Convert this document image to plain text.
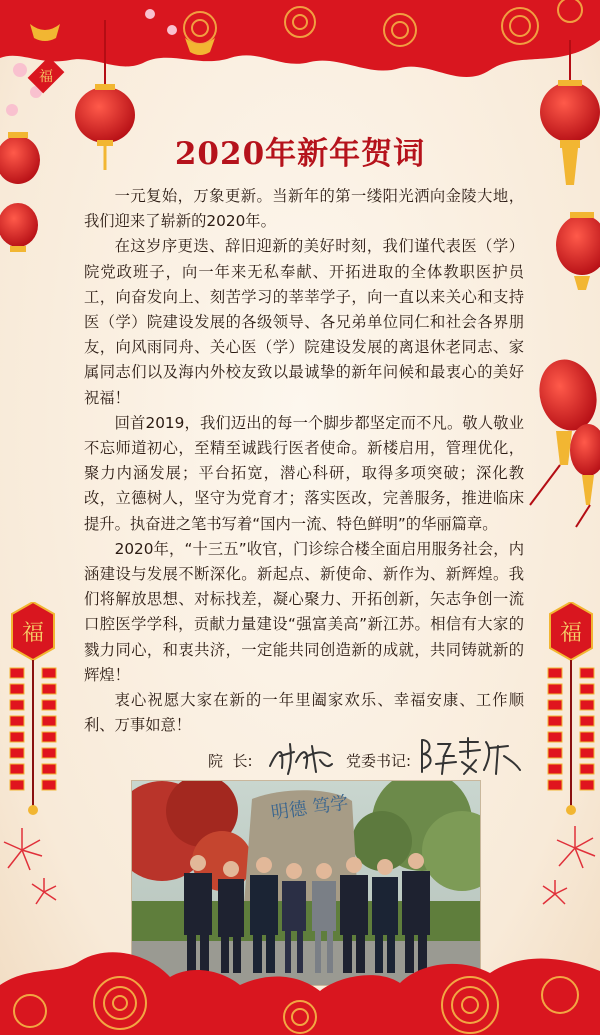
福
福	福
2020年新年贺词

一元复始，万象更新。当新年的第一缕阳光洒向金陵大地，我们迎来了崭新的2020年。

在这岁序更迭、辞旧迎新的美好时刻，我们谨代表医（学）院党政班子，向一年来无私奉献、开拓进取的全体教职医护员工，向奋发向上、刻苦学习的莘莘学子，向一直以来关心和支持医（学）院建设发展的各级领导、各兄弟单位同仁和社会各界朋友，向风雨同舟、关心医（学）院建设发展的离退休老同志、家属同志们以及海内外校友致以最诚挚的新年问候和最衷心的美好祝福！

回首2019，我们迈出的每一个脚步都坚定而不凡。敬人敬业不忘师道初心，至精至诚践行医者使命。新楼启用，管理优化，聚力内涵发展；平台拓宽，潜心科研，取得多项突破；深化教改，立德树人，坚守为党育才；落实医改，完善服务，推进临床提升。执奋进之笔书写着“国内一流、特色鲜明”的华丽篇章。

2020年，“十三五”收官，门诊综合楼全面启用服务社会，内涵建设与发展不断深化。新起点、新使命、新作为、新辉煌。我们将解放思想、对标找差，凝心聚力、开拓创新，矢志争创一流口腔医学学科，贡献力量建设“强富美高”新江苏。相信有大家的戮力同心，和衷共济，一定能共同创造新的成就，共同铸就新的辉煌！

衷心祝愿大家在新的一年里阖家欢乐、幸福安康、工作顺利、万事如意！

院  长:	党委书记:
明德 笃学
